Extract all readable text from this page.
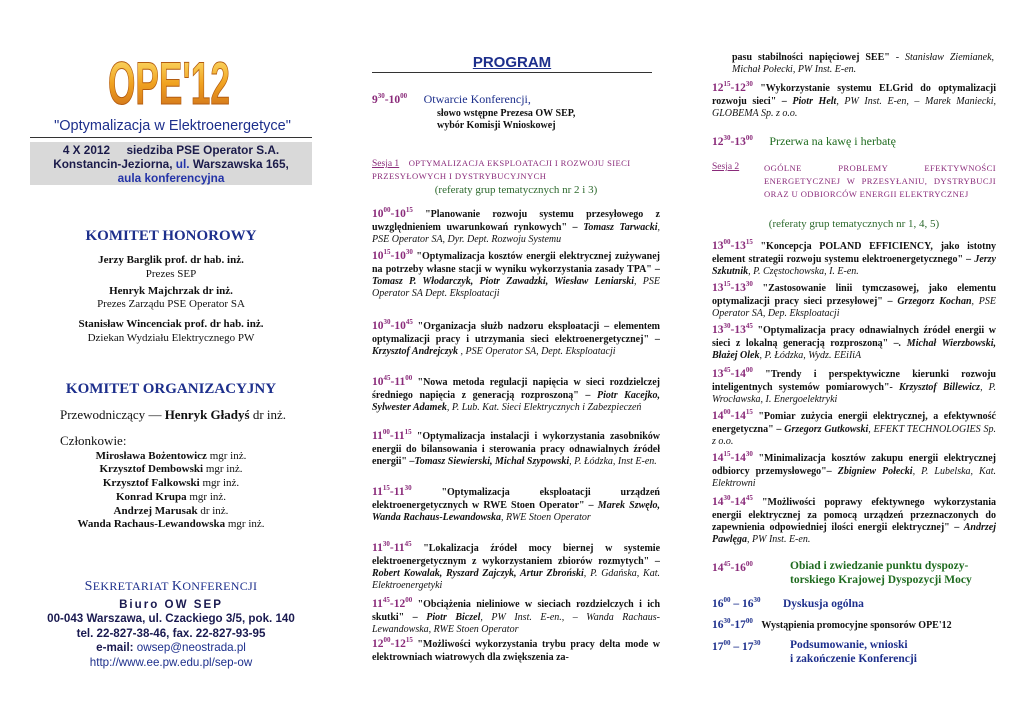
OPE'12
"Optymalizacja w Elektroenergetyce"
4 X 2012 siedziba PSE Operator S.A.
Konstancin-Jeziorna, ul. Warszawska 165,
aula konferencyjna
KOMITET HONOROWY
Jerzy Barglik prof. dr hab. inż.
Prezes SEP
Henryk Majchrzak dr inż.
Prezes Zarządu PSE Operator SA
Stanisław Wincenciak prof. dr hab. inż.
Dziekan Wydziału Elektrycznego PW
KOMITET ORGANIZACYJNY
Przewodniczący — Henryk Gładyś dr inż.
Członkowie:
Mirosława Bożentowicz mgr inż.
Krzysztof Dembowski mgr inż.
Krzysztof Falkowski mgr inż.
Konrad Krupa mgr inż.
Andrzej Marusak dr inż.
Wanda Rachaus-Lewandowska mgr inż.
SEKRETARIAT KONFERENCJI
Biuro OW SEP
00-043 Warszawa, ul. Czackiego 3/5, pok. 140
tel. 22-827-38-46, fax. 22-827-93-95
e-mail: owsep@neostrada.pl
http://www.ee.pw.edu.pl/sep-ow
PROGRAM
$9^{30}-10^{00}$ Otwarcie Konferencji,
słowo wstępne Prezesa OW SEP,
wybór Komisji Wnioskowej
Sesja 1 OPTYMALIZACJA EKSPLOATACJI I ROZWOJU SIECI PRZESYŁOWYCH I DYSTRYBUCYJNYCH
(referaty grup tematycznych nr 2 i 3)
$10^{00}-10^{15}$ "Planowanie rozwoju systemu przesyłowego z uwzględnieniem uwarunkowań rynkowych" – Tomasz Tarwacki, PSE Operator SA, Dyr. Dept. Rozwoju Systemu
$10^{15}-10^{30}$ "Optymalizacja kosztów energii elektrycznej zużywanej na potrzeby własne stacji w wyniku wykorzystania zasady TPA" – Tomasz P. Włodarczyk, Piotr Zawadzki, Wiesław Leniarski, PSE Operator SA Dept. Eksploatacji
$10^{30}-10^{45}$ "Organizacja służb nadzoru eksploatacji – elementem optymalizacji pracy i utrzymania sieci elektroenergetycznej" – Krzysztof Andrejczyk , PSE Operator SA, Dept. Eksploatacji
$10^{45}-11^{00}$ "Nowa metoda regulacji napięcia w sieci rozdzielczej średniego napięcia z generacją rozproszoną" – Piotr Kacejko, Sylwester Adamek, P. Lub. Kat. Sieci Elektrycznych i Zabezpieczeń
$11^{00}-11^{15}$ "Optymalizacja instalacji i wykorzystania zasobników energii do bilansowania i sterowania pracy odnawialnych źródeł energii" –Tomasz Siewierski, Michał Szypowski, P. Łódzka, Inst E-en.
$11^{15}-11^{30}$	"Optymalizacja eksploatacji urządzeń elektroenergetycznych w RWE Stoen Operator" – Marek Szwęło, Wanda Rachaus-Lewandowska, RWE Stoen Operator
$11^{30}-11^{45}$ "Lokalizacja źródeł mocy biernej w systemie elektroenergetycznym z wykorzystaniem zbiorów rozmytych" – Robert Kowalak, Ryszard Zajczyk, Artur Zbroński, P. Gdańska, Kat. Elektroenergetyki
$11^{45}-12^{00}$ "Obciążenia nieliniowe w sieciach rozdzielczych i ich skutki" – Piotr Biczel, PW Inst. E-en., – Wanda Rachaus-Lewandowska, RWE Stoen Operator
$12^{00}-12^{15}$ "Możliwości wykorzystania trybu pracy delta mode w elektrowniach wiatrowych dla zwiększenia za-
pasu stabilności napięciowej SEE" - Stanisław Ziemianek, Michał Połecki, PW Inst. E-en.
$12^{15}-12^{30}$ "Wykorzystanie systemu ELGrid do optymalizacji rozwoju sieci" – Piotr Helt, PW Inst. E-en, – Marek Maniecki, GLOBEMA Sp. z o.o.
$12^{30}-13^{00}$ Przerwa na kawę i herbatę
Sesja 2	OGÓLNE PROBLEMY EFEKTYWNOŚCI ENERGETYCZNEJ W PRZESYŁANIU, DYSTRYBUCJI ORAZ U ODBIORCÓW ENERGII ELEKTRYCZNEJ
(referaty grup tematycznych nr 1, 4, 5)
$13^{00}-13^{15}$ "Koncepcja POLAND EFFICIENCY, jako istotny element strategii rozwoju systemu elektroenergetycznego" – Jerzy Szkutnik, P. Częstochowska, I. E-en.
$13^{15}-13^{30}$ "Zastosowanie linii tymczasowej, jako elementu optymalizacji pracy sieci przesyłowej" – Grzegorz Kochan, PSE Operator SA, Dep. Eksploatacji
$13^{30}-13^{45}$ "Optymalizacja pracy odnawialnych źródeł energii w sieci z lokalną generacją rozproszoną" –. Michał Wierzbowski, Błażej Olek, P. Łódzka, Wydz. EEiIiA
$13^{45}-14^{00}$ "Trendy i perspektywiczne kierunki rozwoju inteligentnych systemów pomiarowych"- Krzysztof Billewicz, P. Wrocławska, I. Energoelektryki
$14^{00}-14^{15}$ "Pomiar zużycia energii elektrycznej, a efektywność energetyczna" – Grzegorz Gutkowski, EFEKT TECHNOLOGIES Sp. z o.o.
$14^{15}-14^{30}$ "Minimalizacja kosztów zakupu energii elektrycznej odbiorcy przemysłowego"– Zbigniew Połecki, P. Lubelska, Kat. Elektrowni
$14^{30}-14^{45}$ "Możliwości poprawy efektywnego wykorzystania energii elektrycznej za pomocą urządzeń przeznaczonych do zapewnienia odpowiedniej ilości energii elektrycznej" – Andrzej Pawlęga, PW Inst. E-en.
$14^{45}-16^{00}$	Obiad i zwiedzanie punktu dyspozy-
torskiego Krajowej Dyspozycji Mocy
$16^{00} - 16^{30}$ Dyskusja ogólna
$16^{30}-17^{00}$ Wystąpienia promocyjne sponsorów OPE'12
$17^{00} - 17^{30}$	Podsumowanie, wnioski
i zakończenie Konferencji
